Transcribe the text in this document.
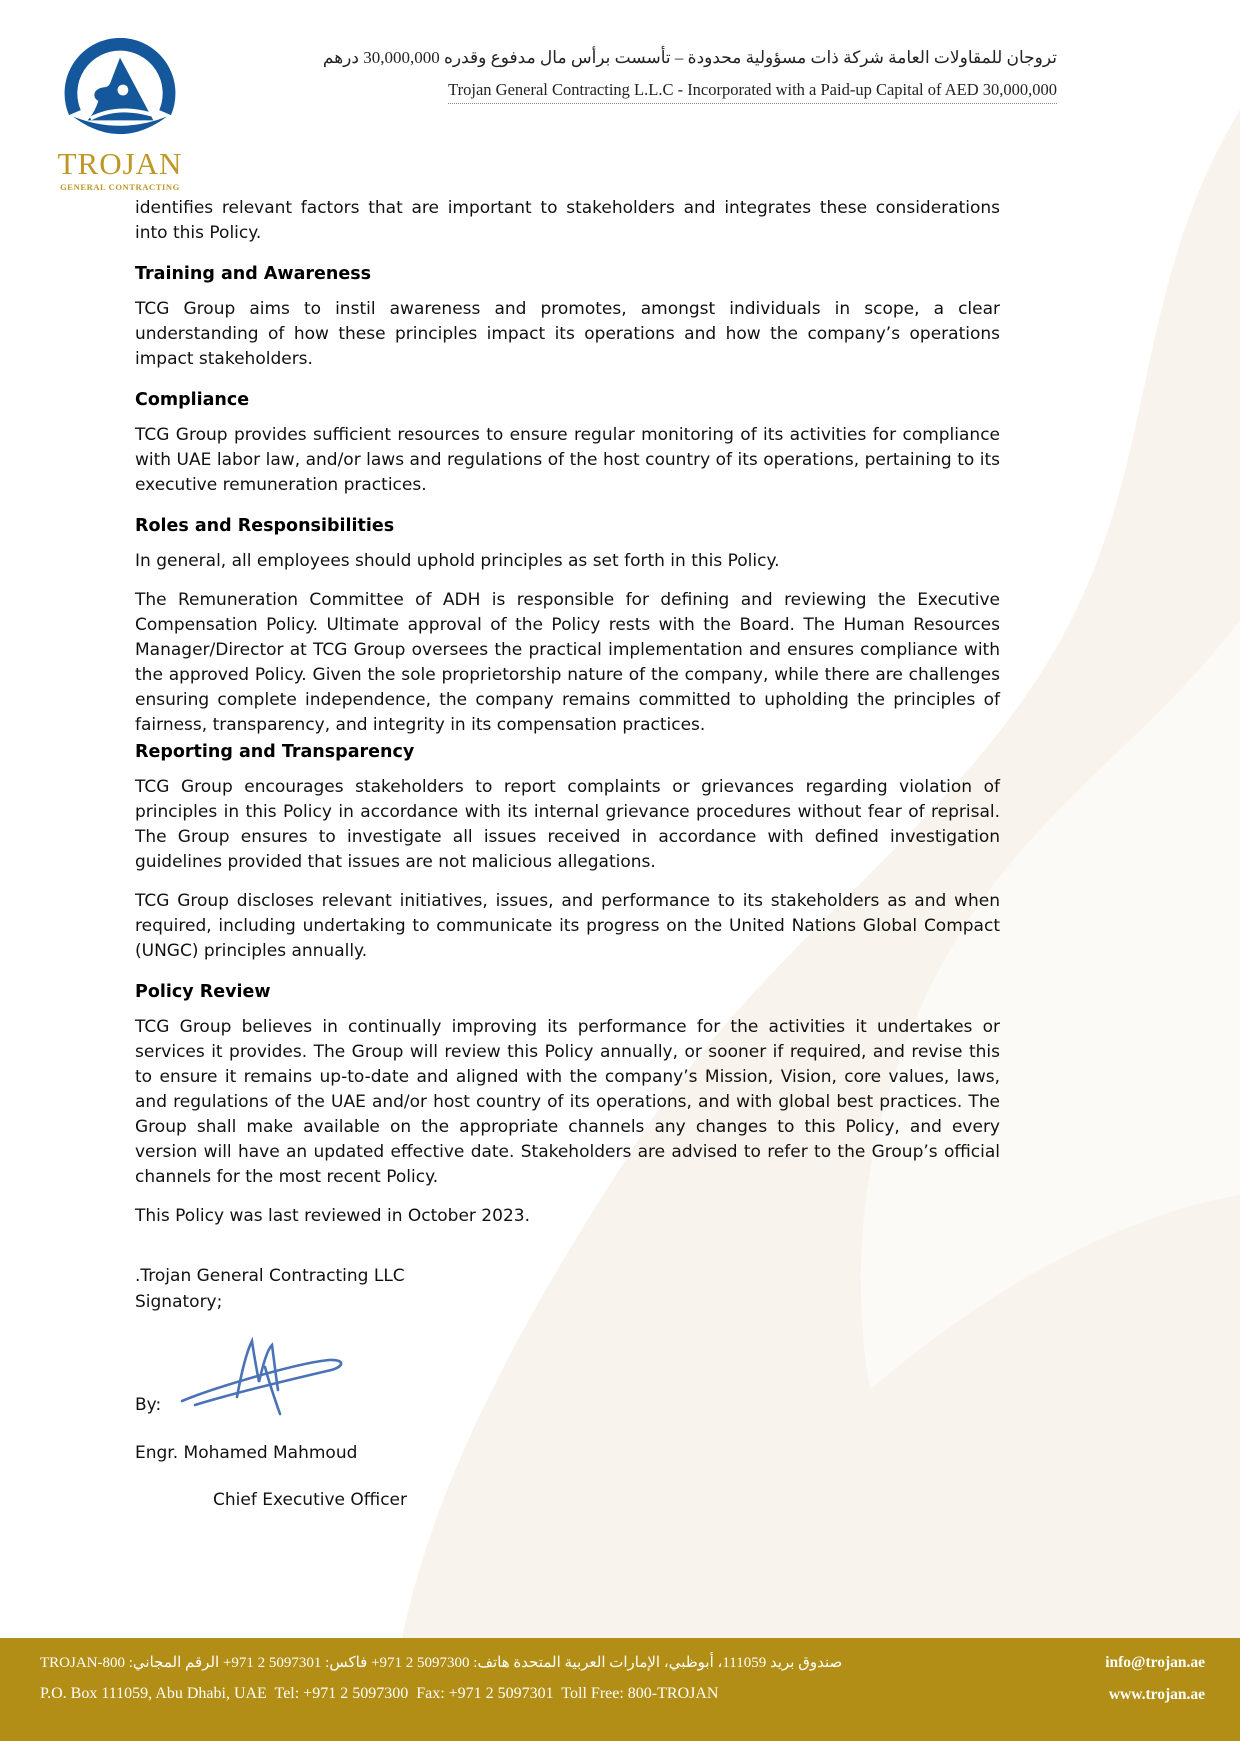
TROJAN
GENERAL CONTRACTING
تروجان للمقاولات العامة شركة ذات مسؤولية محدودة – تأسست برأس مال مدفوع وقدره 30,000,000 درهم
Trojan General Contracting L.L.C - Incorporated with a Paid-up Capital of AED 30,000,000

identifies relevant factors that are important to stakeholders and integrates these considerations into this Policy.

Training and Awareness

TCG Group aims to instil awareness and promotes, amongst individuals in scope, a clear understanding of how these principles impact its operations and how the company’s operations impact stakeholders.

Compliance

TCG Group provides sufficient resources to ensure regular monitoring of its activities for compliance with UAE labor law, and/or laws and regulations of the host country of its operations, pertaining to its executive remuneration practices.

Roles and Responsibilities

In general, all employees should uphold principles as set forth in this Policy.

The Remuneration Committee of ADH is responsible for defining and reviewing the Executive Compensation Policy. Ultimate approval of the Policy rests with the Board. The Human Resources Manager/Director at TCG Group oversees the practical implementation and ensures compliance with the approved Policy. Given the sole proprietorship nature of the company, while there are challenges ensuring complete independence, the company remains committed to upholding the principles of fairness, transparency, and integrity in its compensation practices.

Reporting and Transparency

TCG Group encourages stakeholders to report complaints or grievances regarding violation of principles in this Policy in accordance with its internal grievance procedures without fear of reprisal. The Group ensures to investigate all issues received in accordance with defined investigation guidelines provided that issues are not malicious allegations.

TCG Group discloses relevant initiatives, issues, and performance to its stakeholders as and when required, including undertaking to communicate its progress on the United Nations Global Compact (UNGC) principles annually.

Policy Review

TCG Group believes in continually improving its performance for the activities it undertakes or services it provides. The Group will review this Policy annually, or sooner if required, and revise this to ensure it remains up-to-date and aligned with the company’s Mission, Vision, core values, laws, and regulations of the UAE and/or host country of its operations, and with global best practices. The Group shall make available on the appropriate channels any changes to this Policy, and every version will have an updated effective date. Stakeholders are advised to refer to the Group’s official channels for the most recent Policy.

This Policy was last reviewed in October 2023.

.Trojan General Contracting LLC
Signatory;
By:
Engr. Mohamed Mahmoud
Chief Executive Officer
صندوق بريد 111059، أبوظبي، الإمارات العربية المتحدة هاتف: 5097300 2 971+ فاكس: 5097301 2 971+ الرقم المجاني: 800-TROJAN
P.O. Box 111059, Abu Dhabi, UAE  Tel: +971 2 5097300  Fax: +971 2 5097301  Toll Free: 800-TROJAN
info@trojan.ae
www.trojan.ae
